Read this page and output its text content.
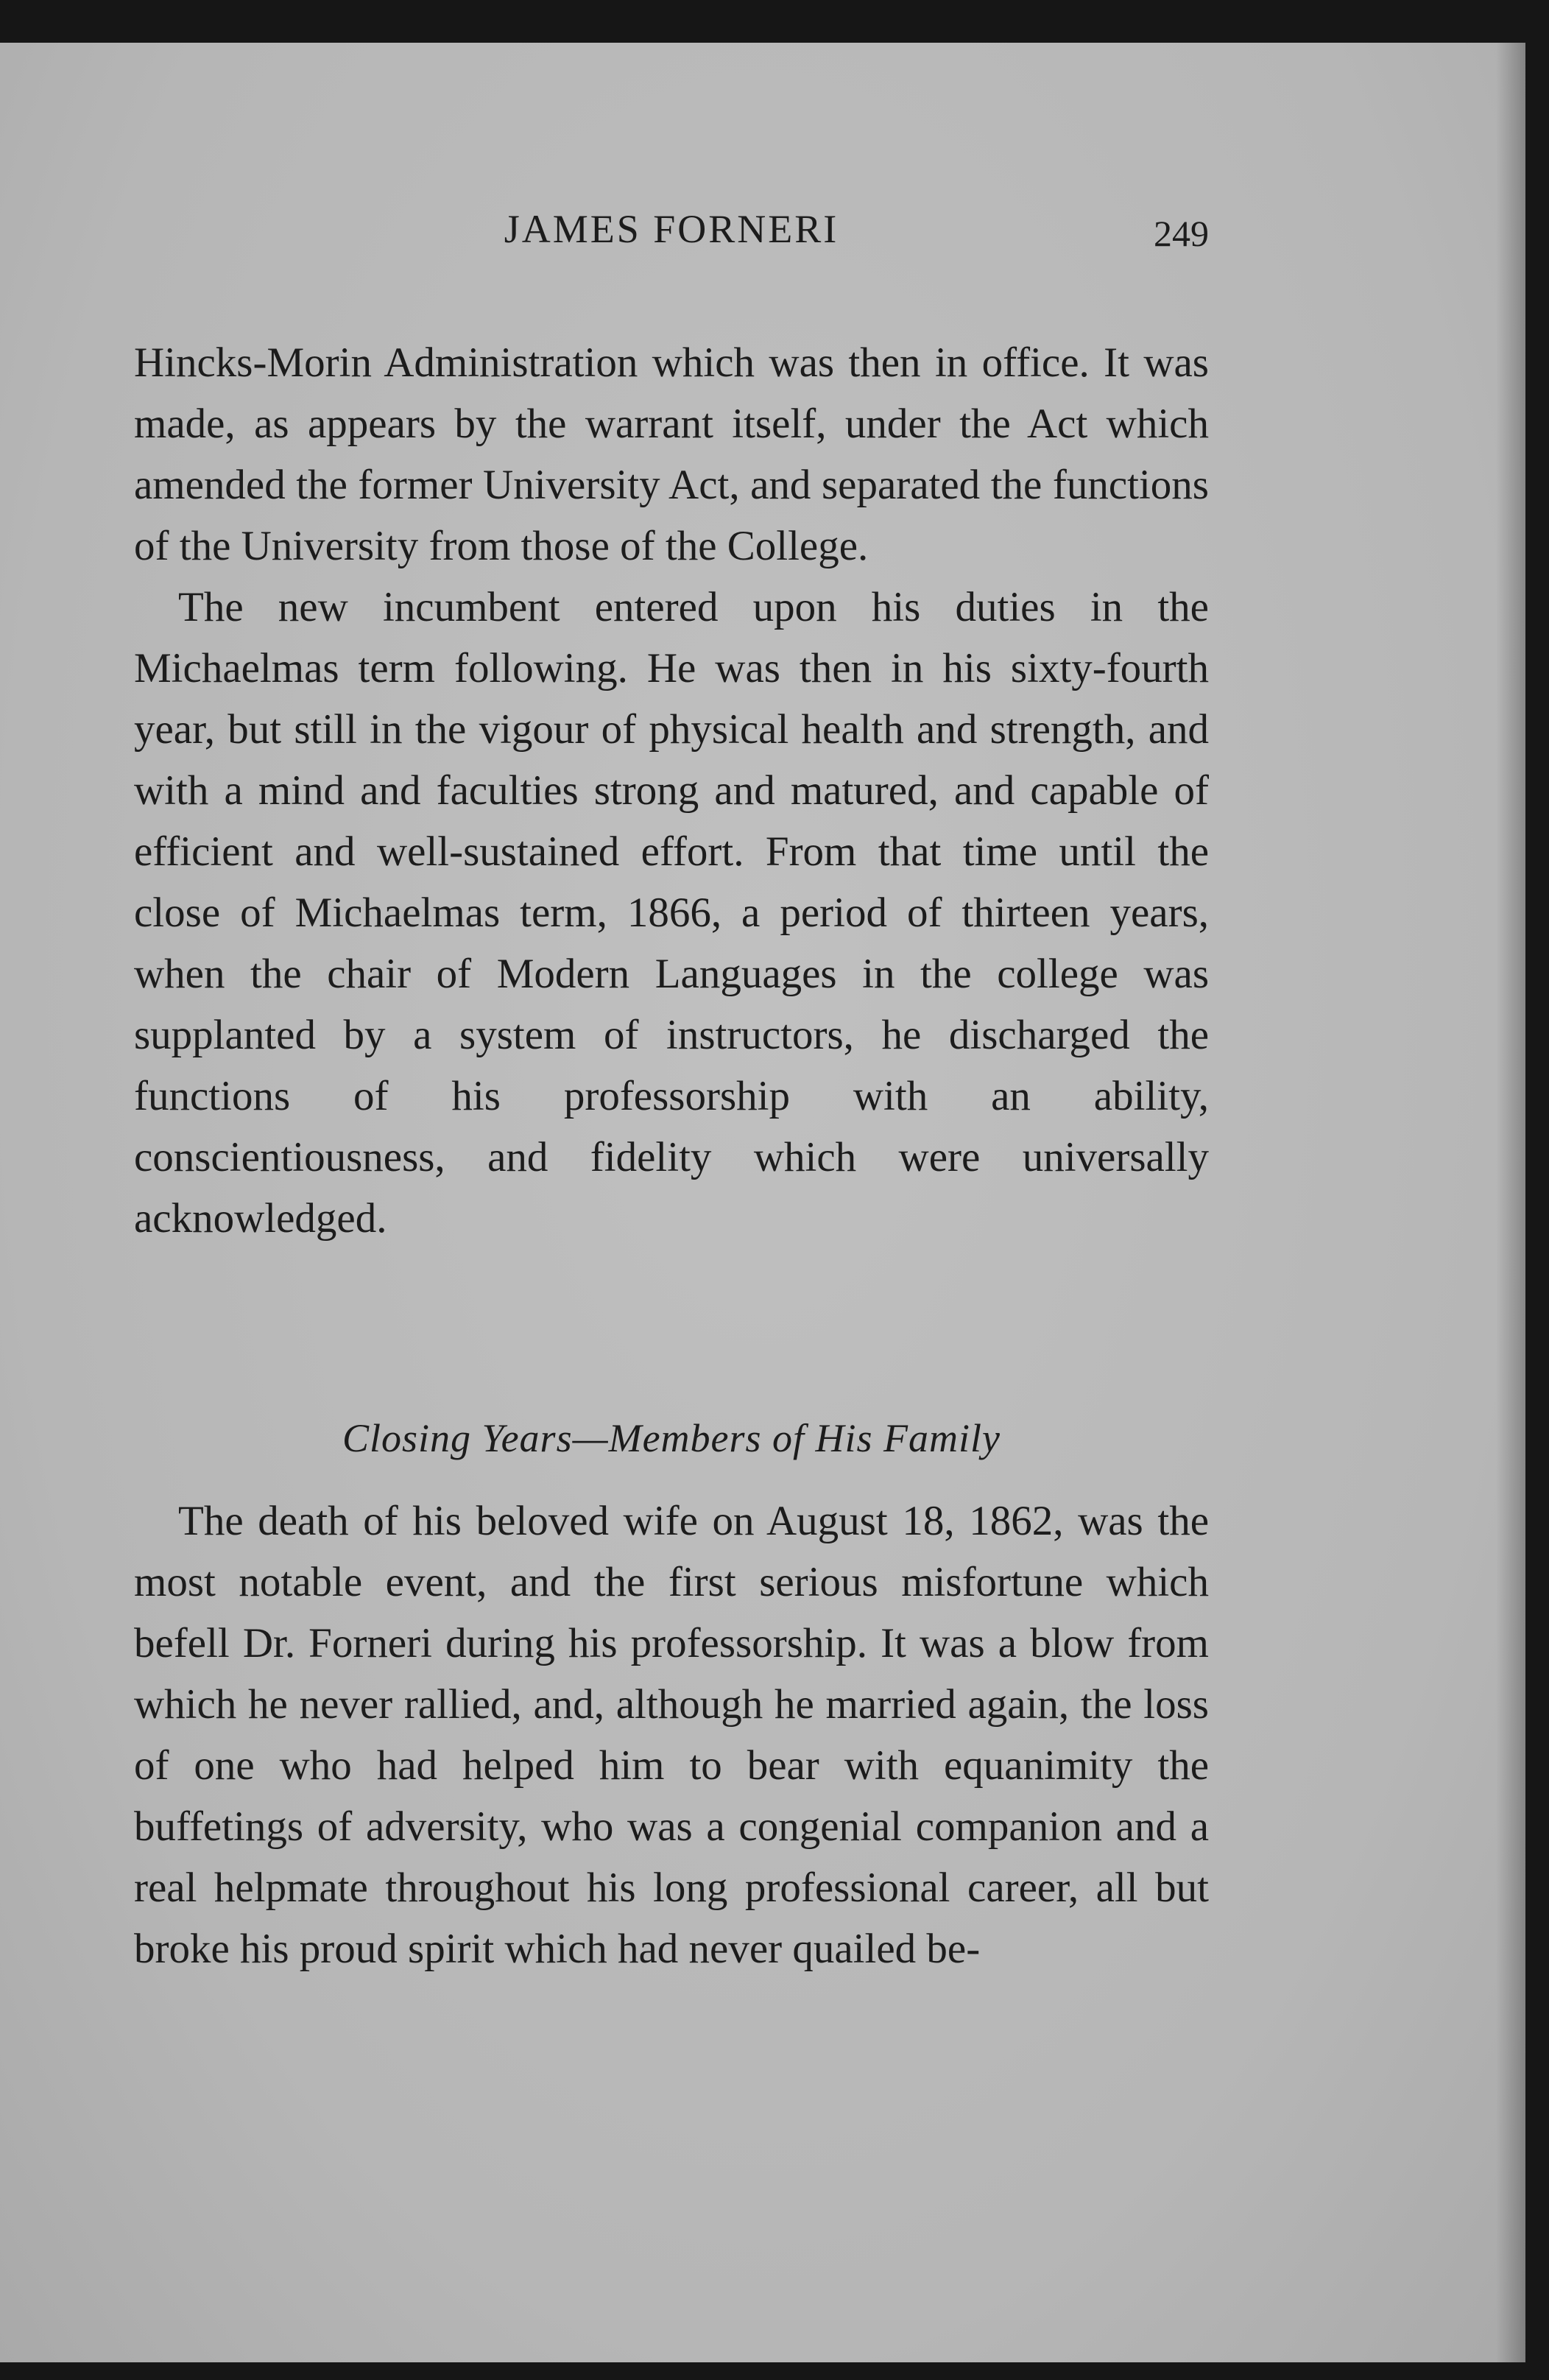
JAMES FORNERI	249

Hincks-Morin Administration which was then in office. It was made, as appears by the warrant itself, under the Act which amended the former University Act, and separated the functions of the University from those of the College.

The new incumbent entered upon his duties in the Michaelmas term following. He was then in his sixty-fourth year, but still in the vigour of physical health and strength, and with a mind and faculties strong and matured, and capable of efficient and well-sustained effort. From that time until the close of Michaelmas term, 1866, a period of thirteen years, when the chair of Modern Languages in the college was supplanted by a system of instructors, he discharged the functions of his professorship with an ability, conscientiousness, and fidelity which were universally acknowledged.

Closing Years—Members of His Family

The death of his beloved wife on August 18, 1862, was the most notable event, and the first serious misfortune which befell Dr. Forneri during his professorship. It was a blow from which he never rallied, and, although he married again, the loss of one who had helped him to bear with equanimity the buffetings of adversity, who was a congenial companion and a real helpmate throughout his long professional career, all but broke his proud spirit which had never quailed be-
